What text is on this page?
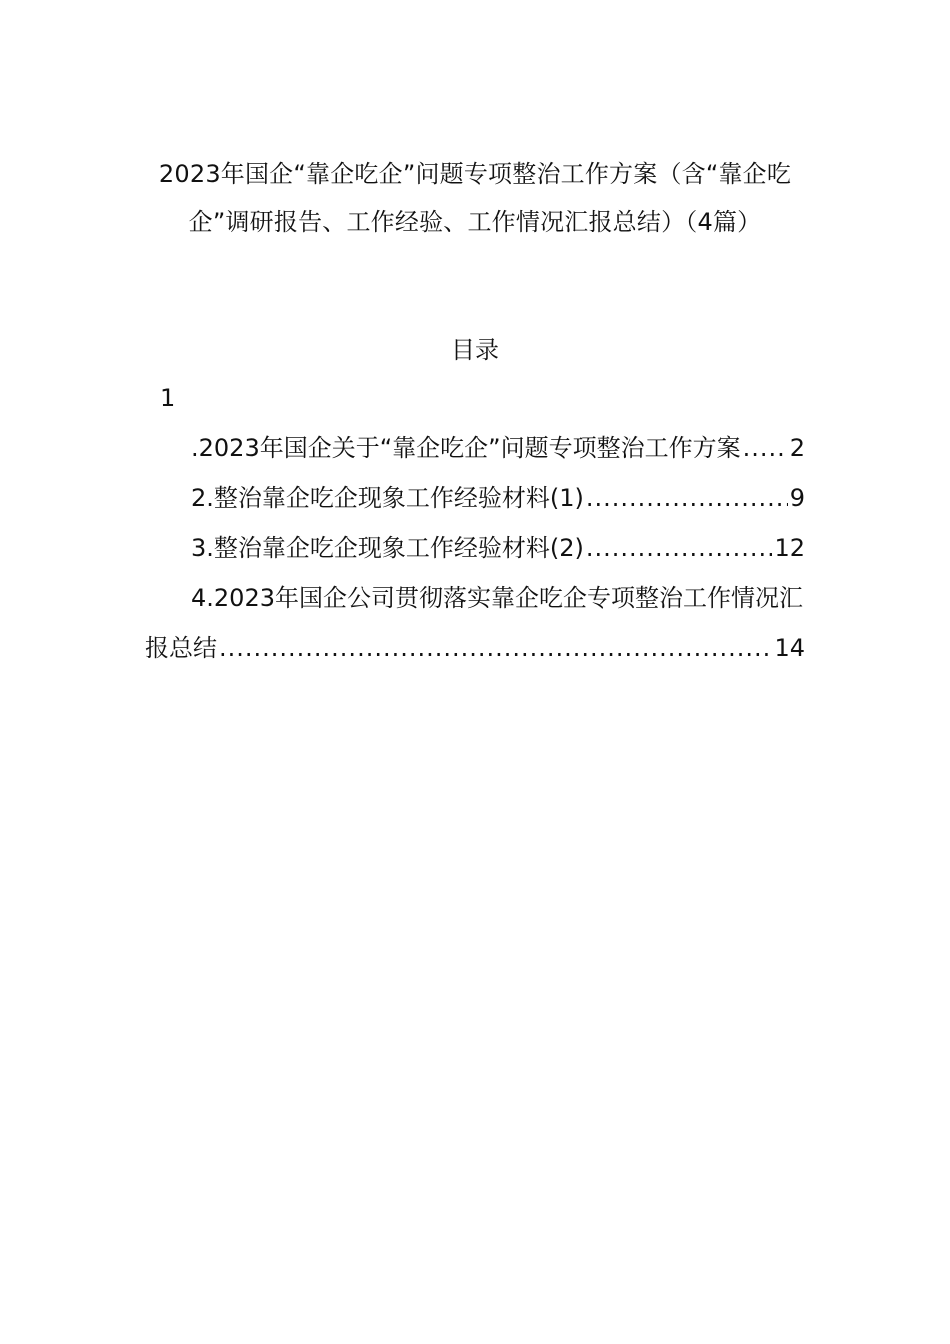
2023年国企“靠企吃企”问题专项整治工作方案（含“靠企吃
企”调研报告、工作经验、工作情况汇报总结）（4篇）
目录
1
.2023年国企关于“靠企吃企”问题专项整治工作方案 ..... 2
2.整治靠企吃企现象工作经验材料(1) .....	9
3.整治靠企吃企现象工作经验材料(2) .....	12
4.2023年国企公司贯彻落实靠企吃企专项整治工作情况汇
报总结 .....	14
